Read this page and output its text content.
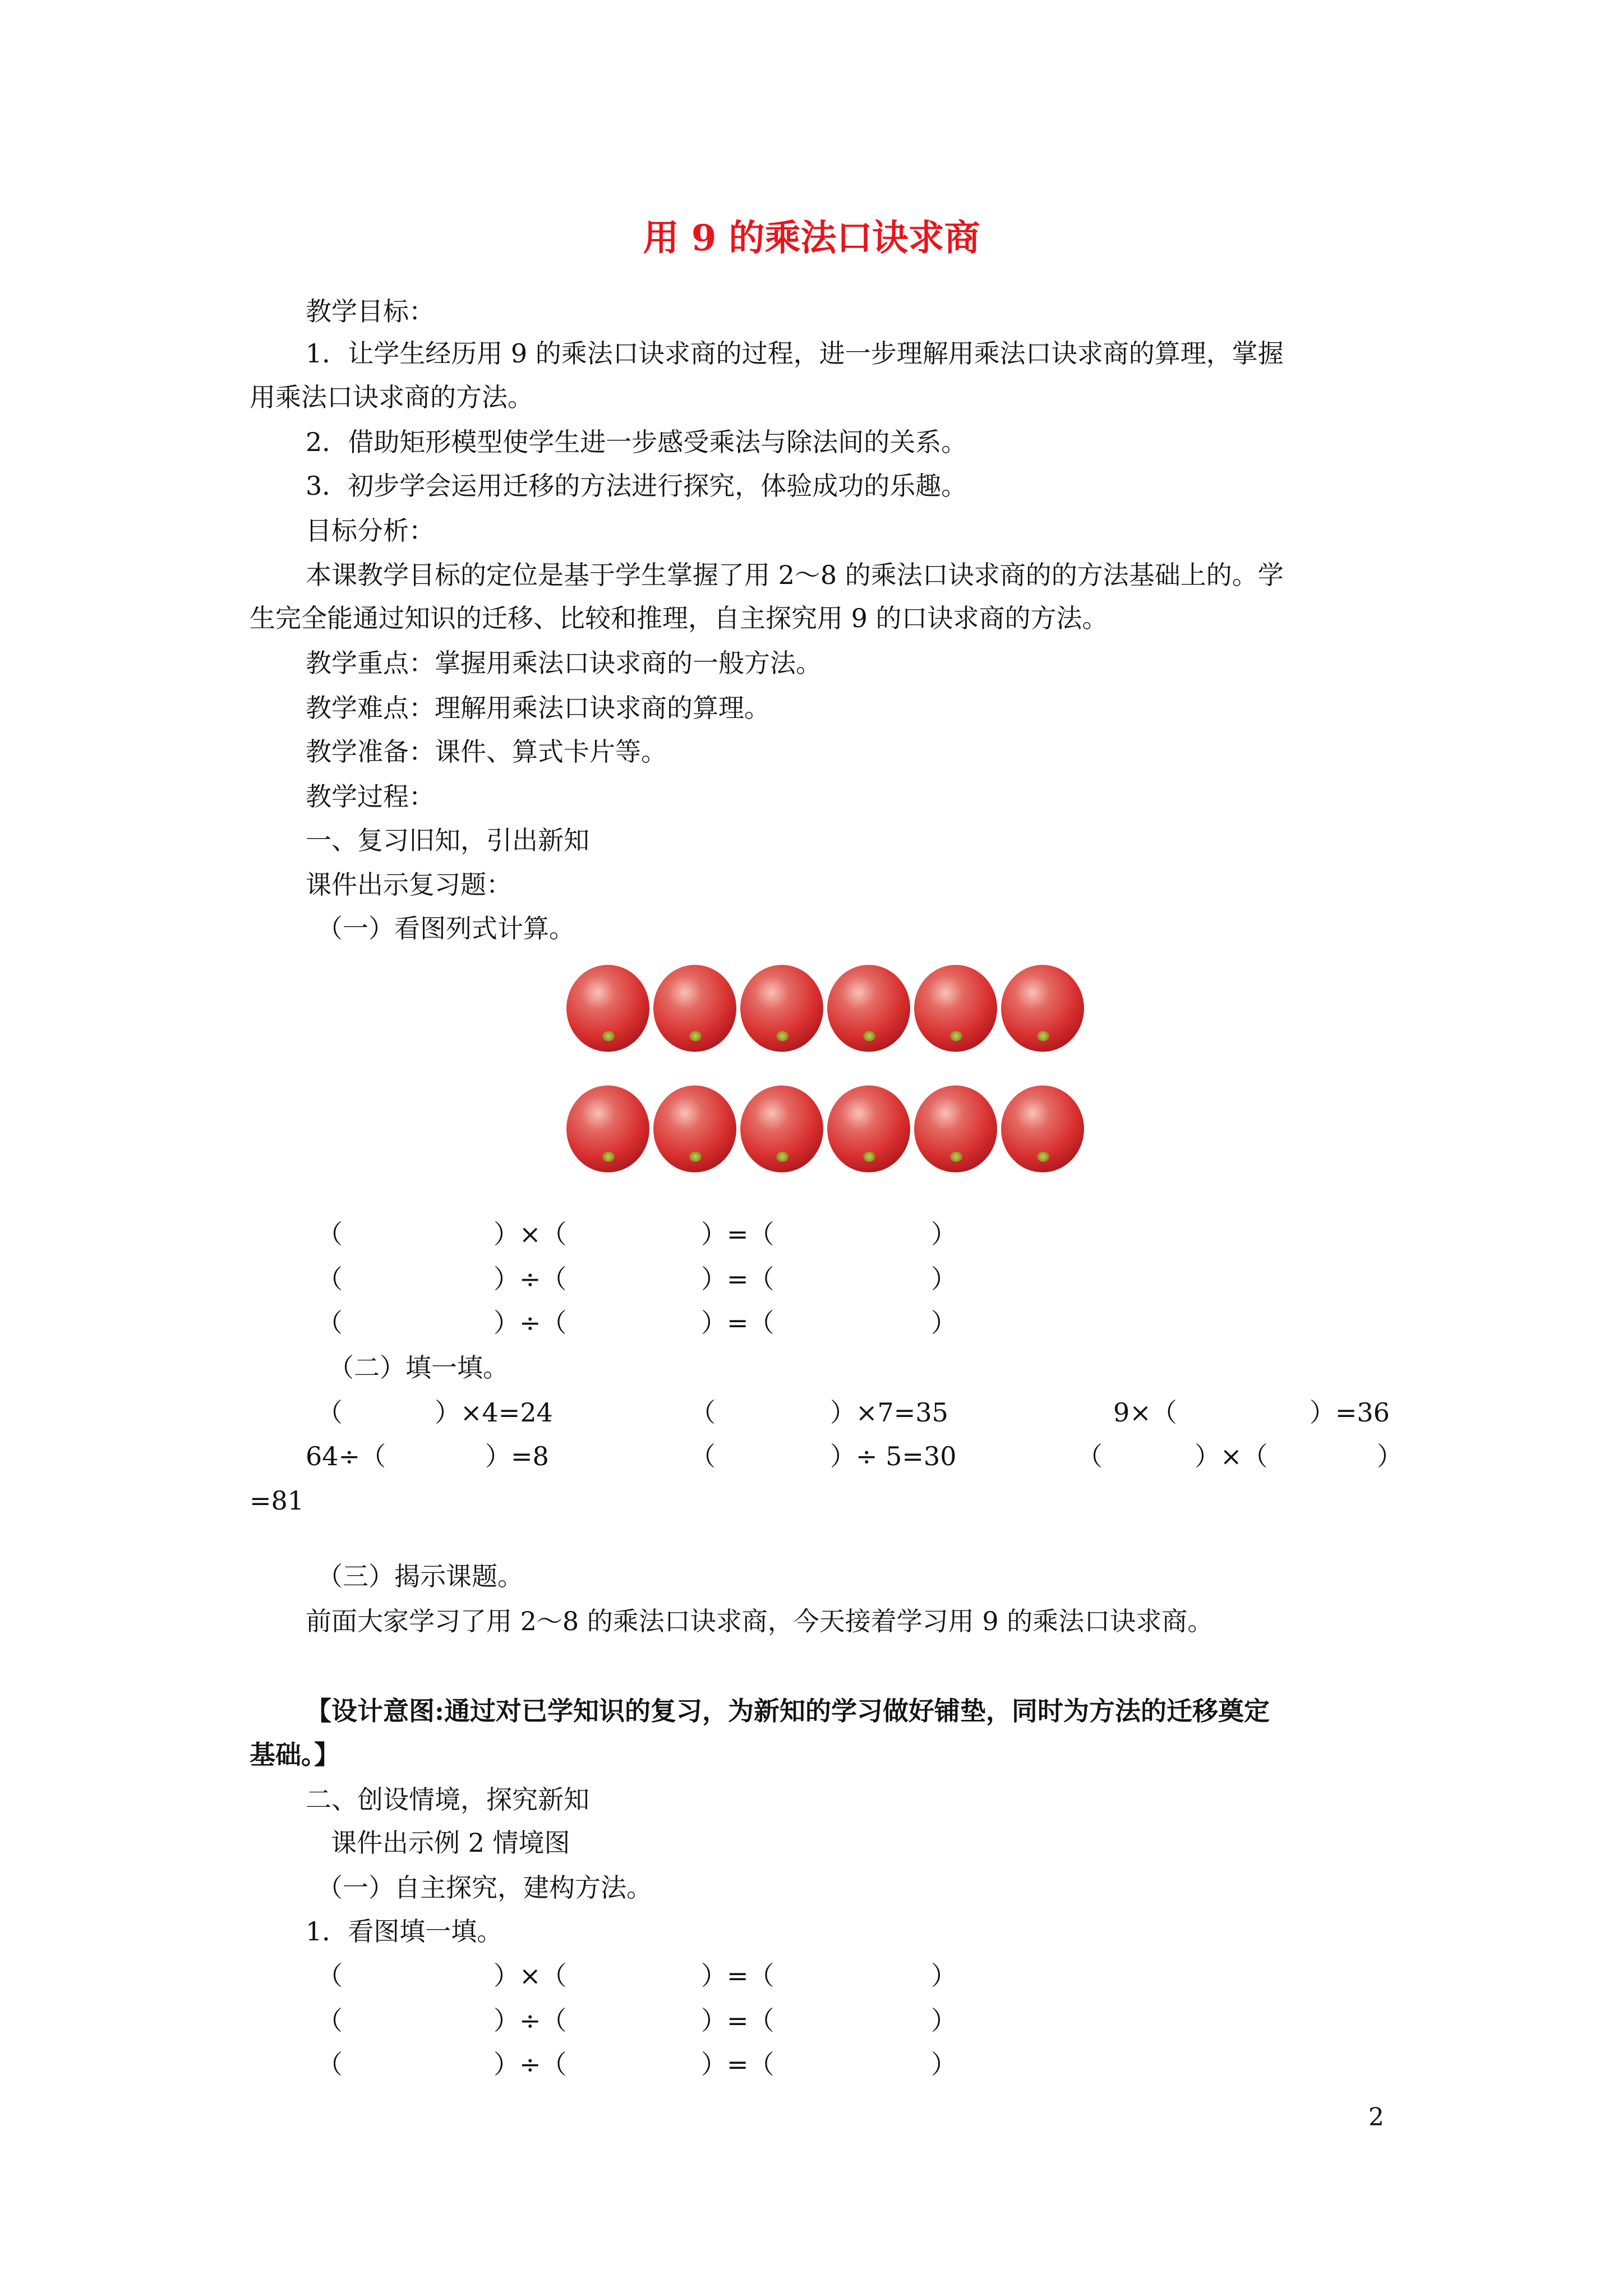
用 9 的乘法口诀求商
教学目标：
1．让学生经历用 9 的乘法口诀求商的过程，进一步理解用乘法口诀求商的算理，掌握
用乘法口诀求商的方法。
2．借助矩形模型使学生进一步感受乘法与除法间的关系。
3．初步学会运用迁移的方法进行探究，体验成功的乐趣。
目标分析：
本课教学目标的定位是基于学生掌握了用 2～8 的乘法口诀求商的的方法基础上的。学
生完全能通过知识的迁移、比较和推理，自主探究用 9 的口诀求商的方法。
教学重点：掌握用乘法口诀求商的一般方法。
教学难点：理解用乘法口诀求商的算理。
教学准备：课件、算式卡片等。
教学过程：
一、复习旧知，引出新知
课件出示复习题：
（一）看图列式计算。
（	）×（	）=（	）
（	）÷（	）=（	）
（	）÷（	）=（	）
（二）填一填。
（	）×4=24	（	）×7=35	9×（	）=36
64÷（	）=8	（	）÷ 5=30	（	）×（	）
=81
（三）揭示课题。
前面大家学习了用 2～8 的乘法口诀求商，今天接着学习用 9 的乘法口诀求商。
【设计意图:通过对已学知识的复习，为新知的学习做好铺垫，同时为方法的迁移奠定
基础。】
二、创设情境，探究新知
课件出示例 2 情境图
（一）自主探究，建构方法。
1．看图填一填。
（	）×（	）=（	）
（	）÷（	）=（	）
（	）÷（	）=（	）
2
